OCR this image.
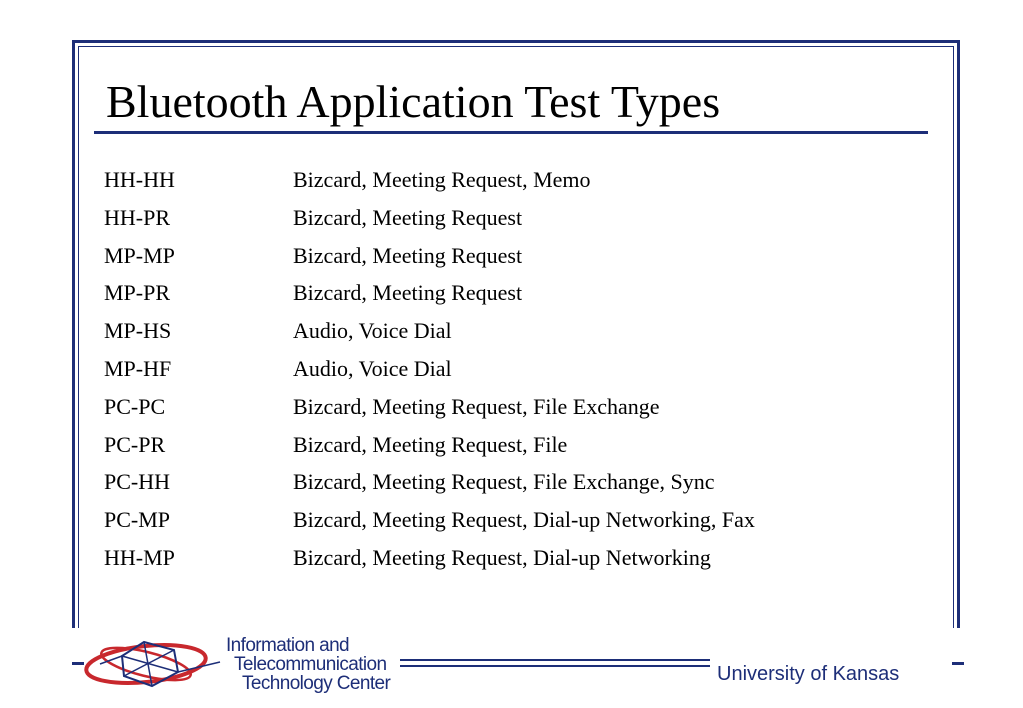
Bluetooth Application Test Types
HH-HH	Bizcard, Meeting Request, Memo
HH-PR	Bizcard, Meeting Request
MP-MP	Bizcard, Meeting Request
MP-PR	Bizcard, Meeting Request
MP-HS	Audio, Voice Dial
MP-HF	Audio, Voice Dial
PC-PC	Bizcard, Meeting Request, File Exchange
PC-PR	Bizcard, Meeting Request, File
PC-HH	Bizcard, Meeting Request, File Exchange, Sync
PC-MP	Bizcard, Meeting Request, Dial-up Networking, Fax
HH-MP	Bizcard, Meeting Request, Dial-up Networking
Information and
Telecommunication
Technology Center	University of Kansas
